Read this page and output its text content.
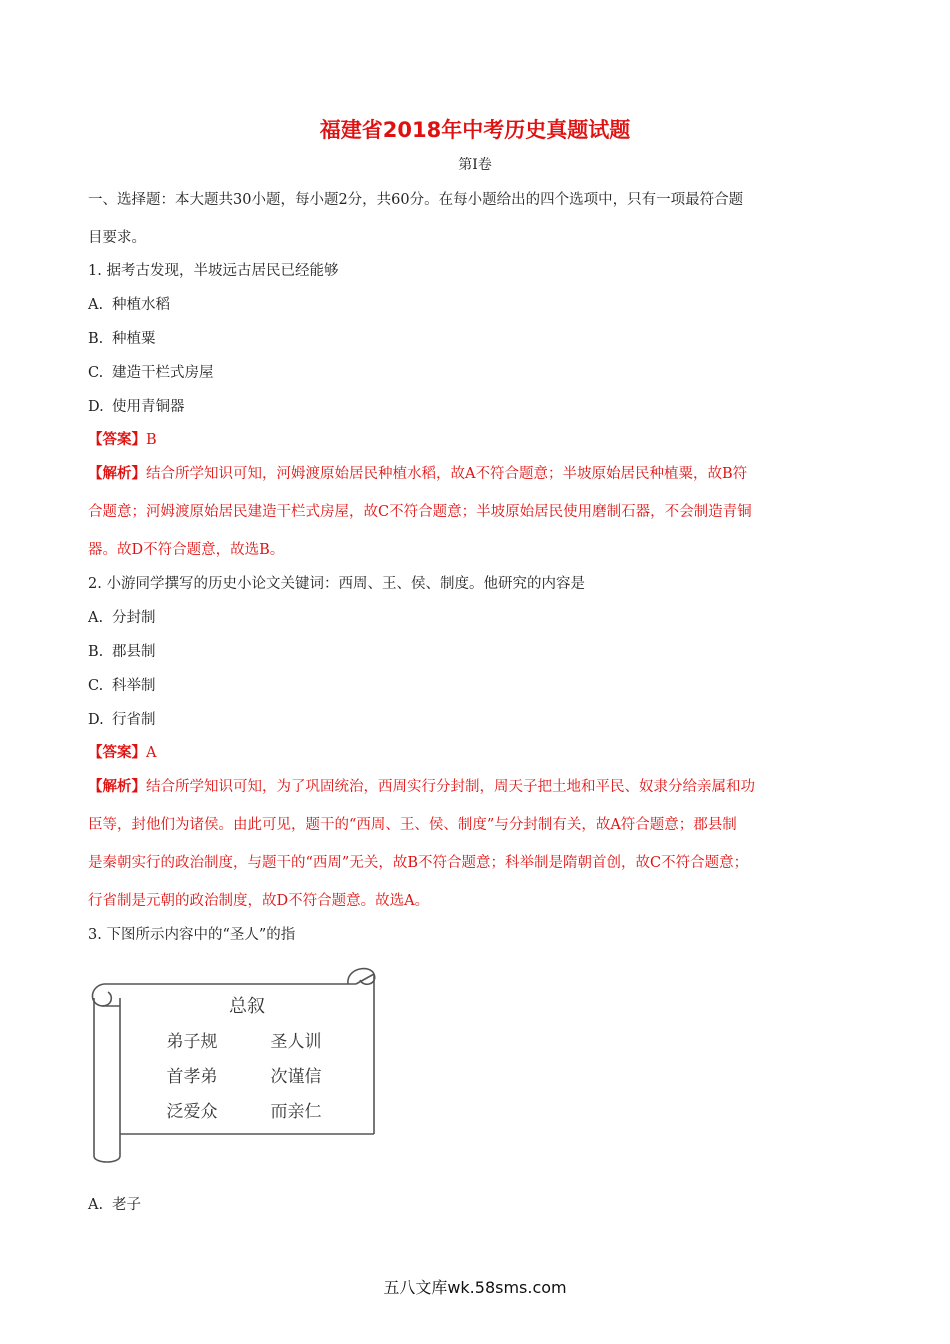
福建省2018年中考历史真题试题
第I卷
一、选择题：本大题共30小题，每小题2分，共60分。在每小题给出的四个选项中，只有一项最符合题
目要求。
1. 据考古发现，半坡远古居民已经能够
A. 种植水稻
B. 种植粟
C. 建造干栏式房屋
D. 使用青铜器
【答案】B
【解析】结合所学知识可知，河姆渡原始居民种植水稻，故A不符合题意；半坡原始居民种植粟，故B符
合题意；河姆渡原始居民建造干栏式房屋，故C不符合题意；半坡原始居民使用磨制石器，不会制造青铜
器。故D不符合题意，故选B。
2. 小游同学撰写的历史小论文关键词：西周、王、侯、制度。他研究的内容是
A. 分封制
B. 郡县制
C. 科举制
D. 行省制
【答案】A
【解析】结合所学知识可知，为了巩固统治，西周实行分封制，周天子把土地和平民、奴隶分给亲属和功
臣等，封他们为诸侯。由此可见，题干的“西周、王、侯、制度”与分封制有关，故A符合题意；郡县制
是秦朝实行的政治制度，与题干的“西周”无关，故B不符合题意；科举制是隋朝首创，故C不符合题意；
行省制是元朝的政治制度，故D不符合题意。故选A。
3. 下图所示内容中的“圣人”的指
总叙
弟子规	圣人训
首孝弟	次谨信
泛爱众	而亲仁
A. 老子
五八文库wk.58sms.com
